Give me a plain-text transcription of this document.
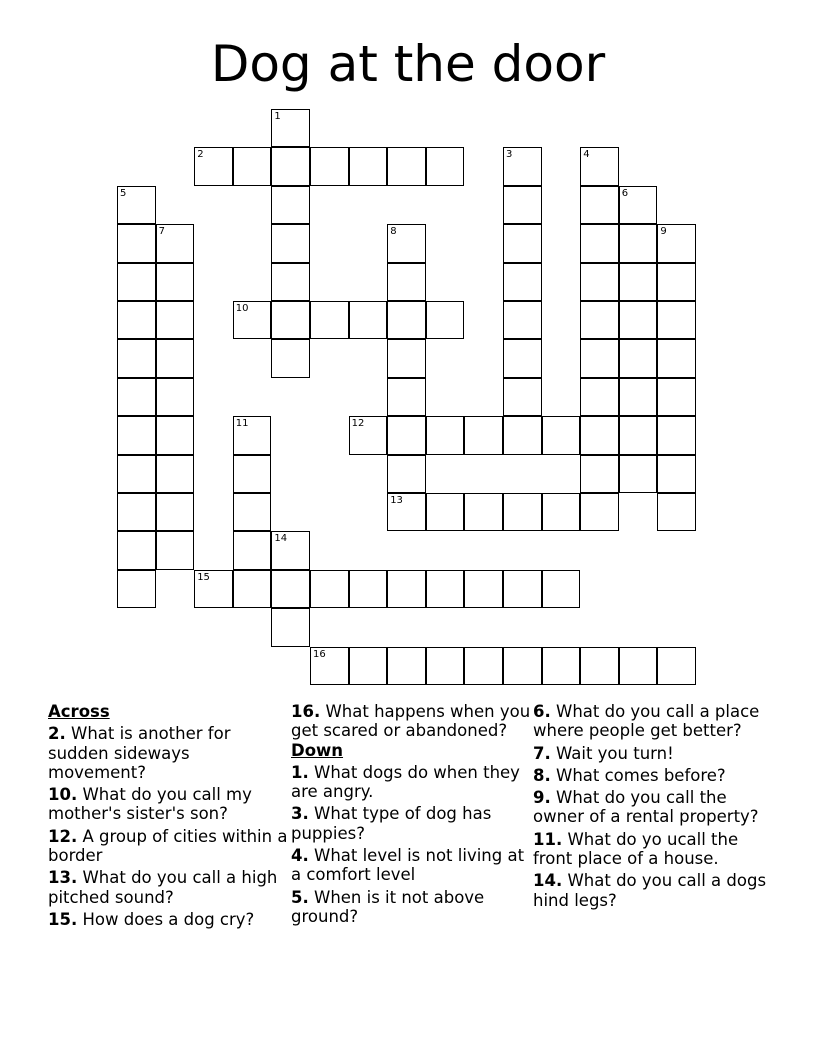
Dog at the door
2
10
12
13
15
16
1
3	4
5	6
7	8	9
11
14
Across
2. What is another for sudden sideways movement?
10. What do you call my mother's sister's son?
12. A group of cities within a border
13. What do you call a high pitched sound?
15. How does a dog cry?
16. What happens when you get scared or abandoned?
Down
1. What dogs do when they are angry.
3. What type of dog has puppies?
4. What level is not living at a comfort level
5. When is it not above ground?
6. What do you call a place where people get better?
7. Wait you turn!
8. What comes before?
9. What do you call the owner of a rental property?
11. What do yo ucall the front place of a house.
14. What do you call a dogs hind legs?
